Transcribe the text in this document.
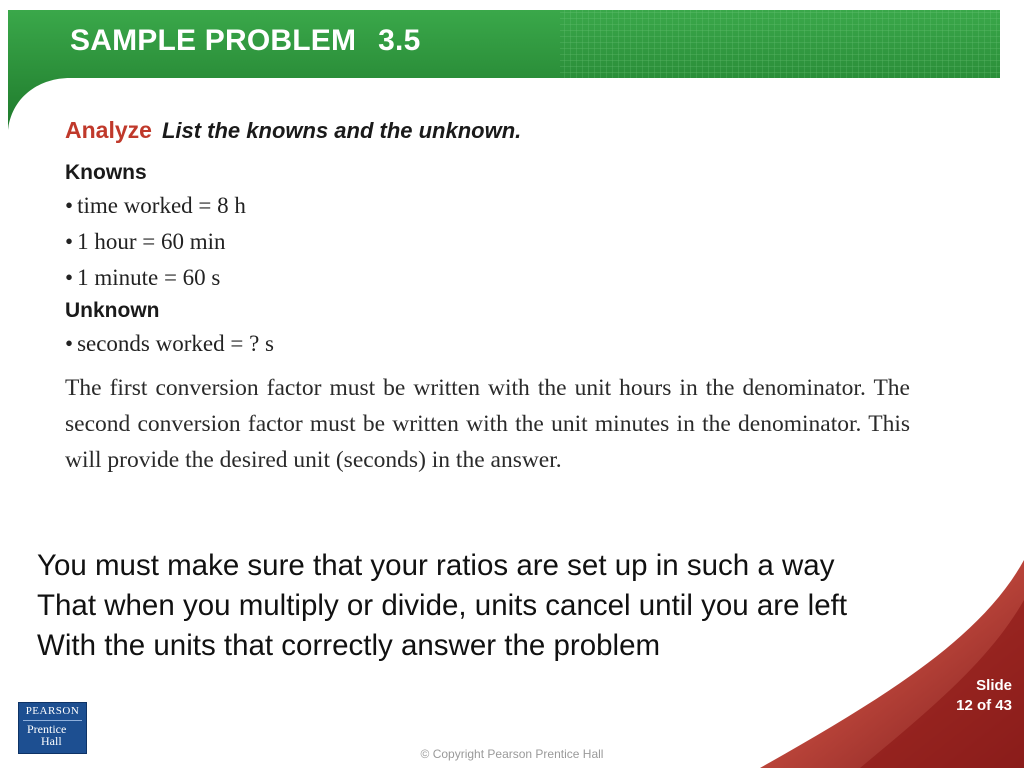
SAMPLE PROBLEM 3.5

Analyze List the knowns and the unknown.

Knowns

• time worked = 8 h
• 1 hour = 60 min
• 1 minute = 60 s

Unknown

• seconds worked = ? s

The first conversion factor must be written with the unit hours in the denominator. The second conversion factor must be written with the unit minutes in the denominator. This will provide the desired unit (seconds) in the answer.

You must make sure that your ratios are set up in such a way
That when you multiply or divide, units cancel until you are left
With the units that correctly answer the problem
PEARSON
Prentice
Hall
© Copyright Pearson Prentice Hall
Slide
12 of 43
